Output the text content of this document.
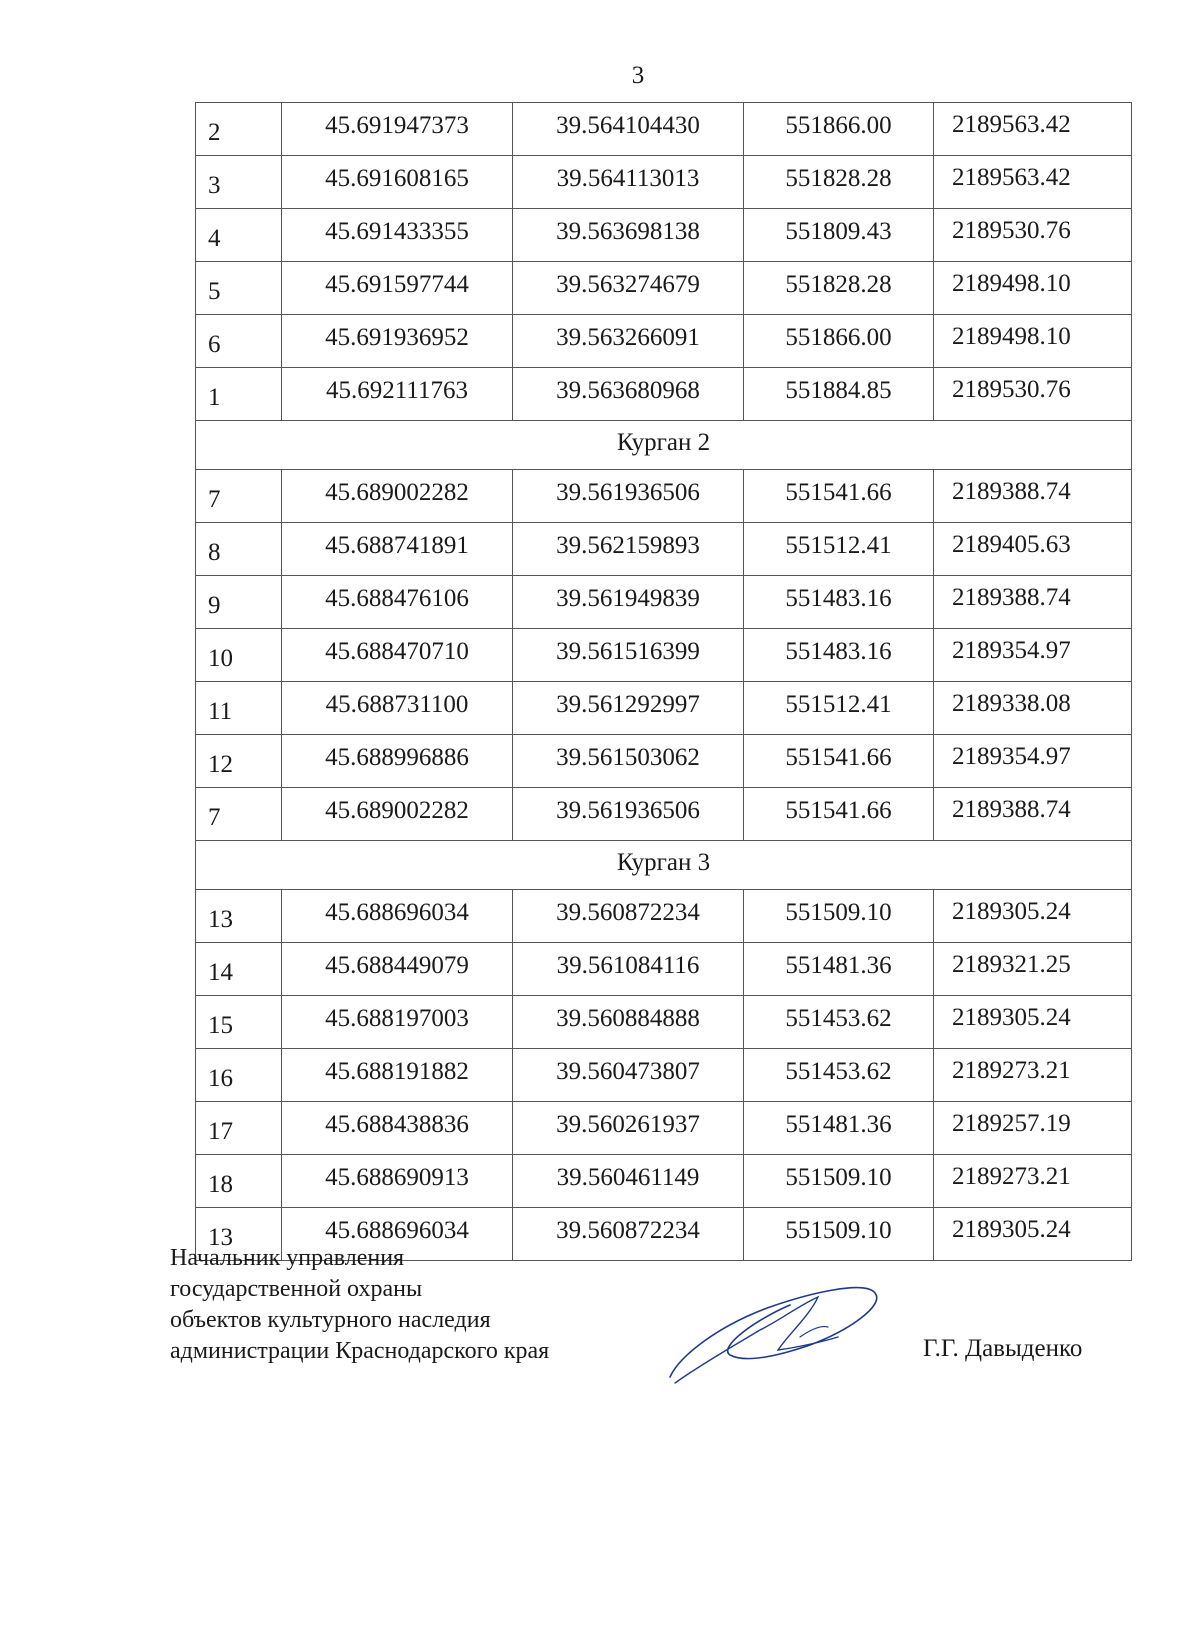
3
2	45.691947373	39.564104430	551866.00	2189563.42
3	45.691608165	39.564113013	551828.28	2189563.42
4	45.691433355	39.563698138	551809.43	2189530.76
5	45.691597744	39.563274679	551828.28	2189498.10
6	45.691936952	39.563266091	551866.00	2189498.10
1	45.692111763	39.563680968	551884.85	2189530.76
Курган 2				
7	45.689002282	39.561936506	551541.66	2189388.74
8	45.688741891	39.562159893	551512.41	2189405.63
9	45.688476106	39.561949839	551483.16	2189388.74
10	45.688470710	39.561516399	551483.16	2189354.97
11	45.688731100	39.561292997	551512.41	2189338.08
12	45.688996886	39.561503062	551541.66	2189354.97
7	45.689002282	39.561936506	551541.66	2189388.74
Курган 3				
13	45.688696034	39.560872234	551509.10	2189305.24
14	45.688449079	39.561084116	551481.36	2189321.25
15	45.688197003	39.560884888	551453.62	2189305.24
16	45.688191882	39.560473807	551453.62	2189273.21
17	45.688438836	39.560261937	551481.36	2189257.19
18	45.688690913	39.560461149	551509.10	2189273.21
13	45.688696034	39.560872234	551509.10	2189305.24
Начальник управления
государственной охраны
объектов культурного наследия
администрации Краснодарского края	Г.Г. Давыденко
